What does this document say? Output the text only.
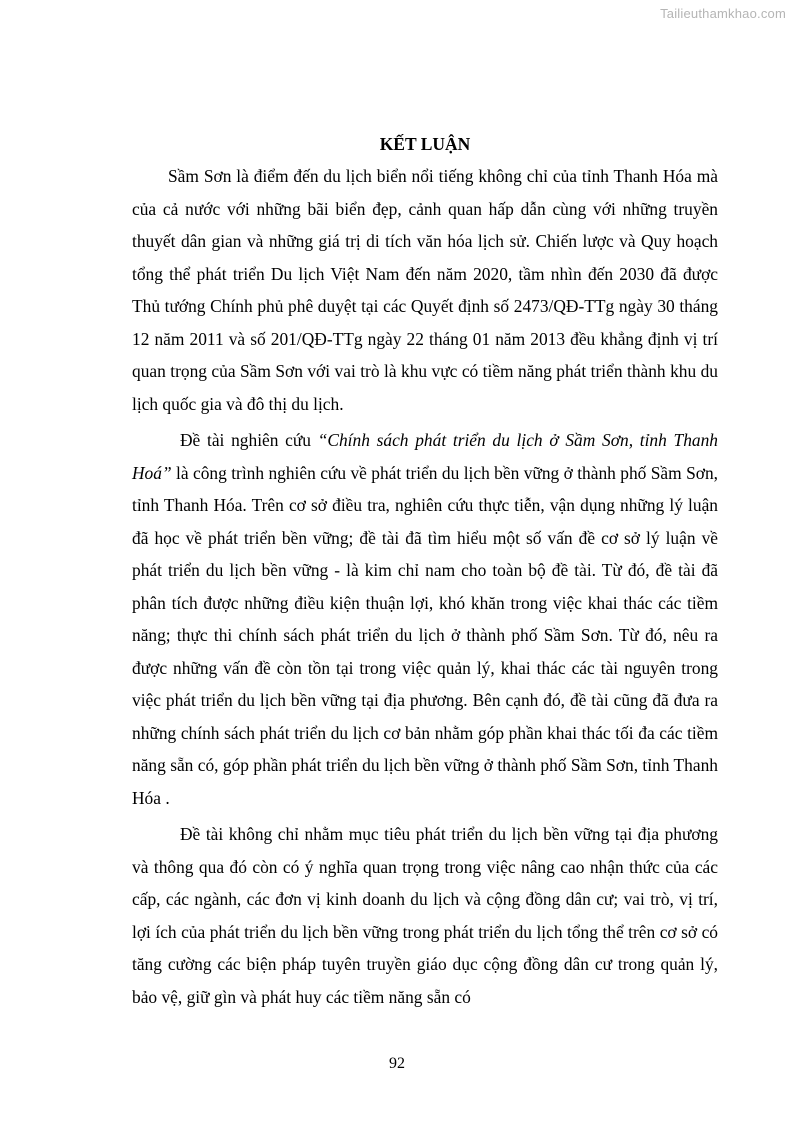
Tailieuthamkhao.com
KẾT LUẬN

Sầm Sơn là điểm đến du lịch biển nổi tiếng không chỉ của tỉnh Thanh Hóa mà của cả nước với những bãi biển đẹp, cảnh quan hấp dẫn cùng với những truyền thuyết dân gian và những giá trị di tích văn hóa lịch sử. Chiến lược và Quy hoạch tổng thể phát triển Du lịch Việt Nam đến năm 2020, tầm nhìn đến 2030 đã được Thủ tướng Chính phủ phê duyệt tại các Quyết định số 2473/QĐ-TTg ngày 30 tháng 12 năm 2011 và số 201/QĐ-TTg ngày 22 tháng 01 năm 2013 đều khẳng định vị trí quan trọng của Sầm Sơn với vai trò là khu vực có tiềm năng phát triển thành khu du lịch quốc gia và đô thị du lịch.

Đề tài nghiên cứu “Chính sách phát triển du lịch ở Sầm Sơn, tỉnh Thanh Hoá” là công trình nghiên cứu về phát triển du lịch bền vững ở thành phố Sầm Sơn, tỉnh Thanh Hóa. Trên cơ sở điều tra, nghiên cứu thực tiễn, vận dụng những lý luận đã học về phát triển bền vững; đề tài đã tìm hiểu một số vấn đề cơ sở lý luận về phát triển du lịch bền vững - là kim chỉ nam cho toàn bộ đề tài. Từ đó, đề tài đã phân tích được những điều kiện thuận lợi, khó khăn trong việc khai thác các tiềm năng; thực thi chính sách phát triển du lịch ở thành phố Sầm Sơn. Từ đó, nêu ra được những vấn đề còn tồn tại trong việc quản lý, khai thác các tài nguyên trong việc phát triển du lịch bền vững tại địa phương. Bên cạnh đó, đề tài cũng đã đưa ra những chính sách phát triển du lịch cơ bản nhằm góp phần khai thác tối đa các tiềm năng sẵn có, góp phần phát triển du lịch bền vững ở thành phố Sầm Sơn, tỉnh Thanh Hóa .

Đề tài không chỉ nhằm mục tiêu phát triển du lịch bền vững tại địa phương và thông qua đó còn có ý nghĩa quan trọng trong việc nâng cao nhận thức của các cấp, các ngành, các đơn vị kinh doanh du lịch và cộng đồng dân cư; vai trò, vị trí, lợi ích của phát triển du lịch bền vững trong phát triển du lịch tổng thể trên cơ sở có tăng cường các biện pháp tuyên truyền giáo dục cộng đồng dân cư trong quản lý, bảo vệ, giữ gìn và phát huy các tiềm năng sẵn có

92
